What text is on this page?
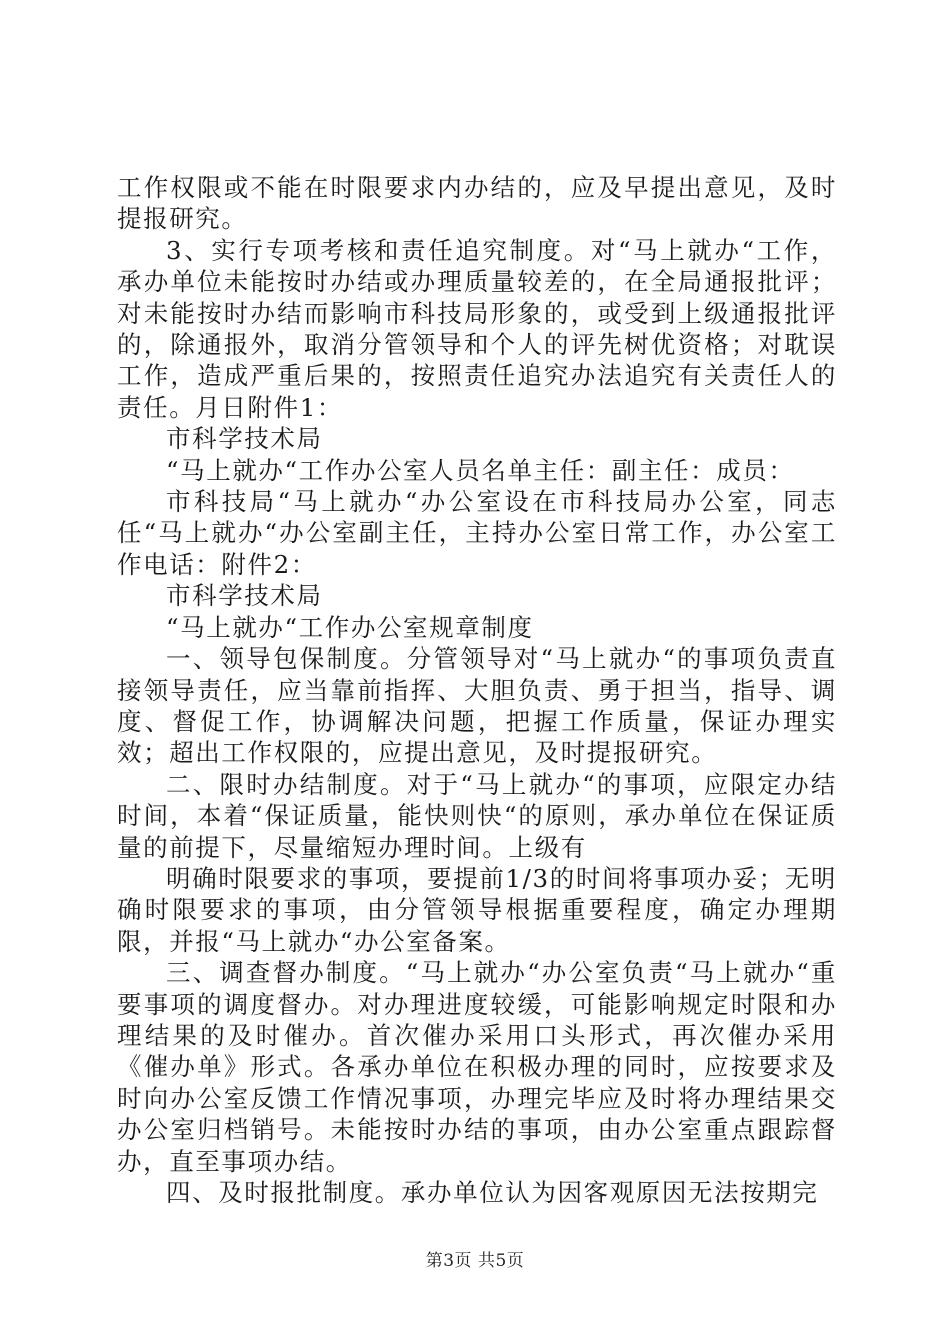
工作权限或不能在时限要求内办结的，应及早提出意见，及时提报研究。

3、实行专项考核和责任追究制度。对“马上就办“工作，承办单位未能按时办结或办理质量较差的，在全局通报批评；对未能按时办结而影响市科技局形象的，或受到上级通报批评的，除通报外，取消分管领导和个人的评先树优资格；对耽误工作，造成严重后果的，按照责任追究办法追究有关责任人的责任。月日附件1：

市科学技术局

“马上就办“工作办公室人员名单主任：副主任：成员：

市科技局“马上就办“办公室设在市科技局办公室，同志任“马上就办“办公室副主任，主持办公室日常工作，办公室工作电话：附件2：

市科学技术局

“马上就办“工作办公室规章制度

一、领导包保制度。分管领导对“马上就办“的事项负责直接领导责任，应当靠前指挥、大胆负责、勇于担当，指导、调度、督促工作，协调解决问题，把握工作质量，保证办理实效；超出工作权限的，应提出意见，及时提报研究。

二、限时办结制度。对于“马上就办“的事项，应限定办结时间，本着“保证质量，能快则快“的原则，承办单位在保证质量的前提下，尽量缩短办理时间。上级有

明确时限要求的事项，要提前1/3的时间将事项办妥；无明确时限要求的事项，由分管领导根据重要程度，确定办理期限，并报“马上就办“办公室备案。

三、调查督办制度。“马上就办“办公室负责“马上就办“重要事项的调度督办。对办理进度较缓，可能影响规定时限和办理结果的及时催办。首次催办采用口头形式，再次催办采用《催办单》形式。各承办单位在积极办理的同时，应按要求及时向办公室反馈工作情况事项，办理完毕应及时将办理结果交办公室归档销号。未能按时办结的事项，由办公室重点跟踪督办，直至事项办结。

四、及时报批制度。承办单位认为因客观原因无法按期完

第3页 共5页
